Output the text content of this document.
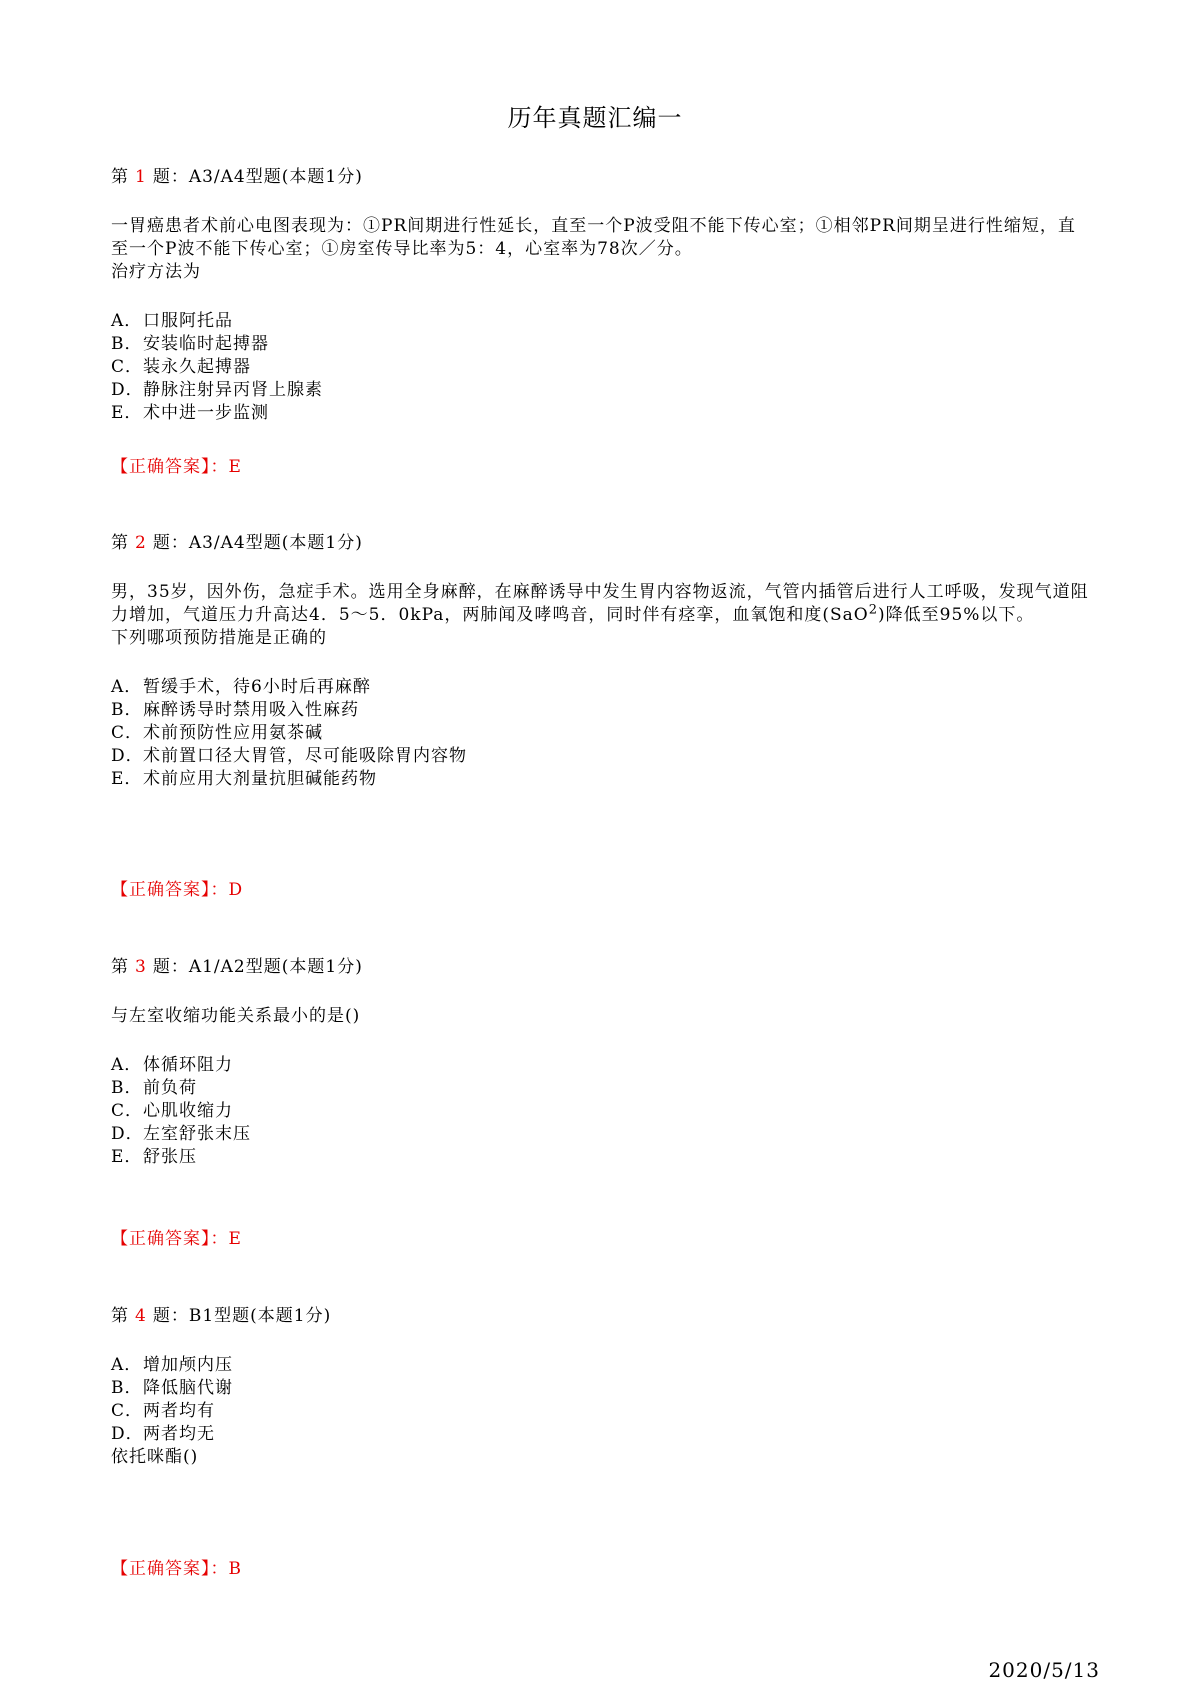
历年真题汇编一
第 1 题：A3/A4型题(本题1分)

一胃癌患者术前心电图表现为：①PR间期进行性延长，直至一个P波受阻不能下传心室；①相邻PR间期呈进行性缩短，直至一个P波不能下传心室；①房室传导比率为5：4，心室率为78次／分。

治疗方法为

A．口服阿托品
B．安装临时起搏器
C．装永久起搏器
D．静脉注射异丙肾上腺素
E．术中进一步监测
【正确答案】：E
第 2 题：A3/A4型题(本题1分)

男，35岁，因外伤，急症手术。选用全身麻醉，在麻醉诱导中发生胃内容物返流，气管内插管后进行人工呼吸，发现气道阻力增加，气道压力升高达4．5～5．0kPa，两肺闻及哮鸣音，同时伴有痉挛，血氧饱和度(SaO$^2$)降低至95%以下。

下列哪项预防措施是正确的

A．暂缓手术，待6小时后再麻醉
B．麻醉诱导时禁用吸入性麻药
C．术前预防性应用氨茶碱
D．术前置口径大胃管，尽可能吸除胃内容物
E．术前应用大剂量抗胆碱能药物
【正确答案】：D
第 3 题：A1/A2型题(本题1分)

与左室收缩功能关系最小的是()

A．体循环阻力
B．前负荷
C．心肌收缩力
D．左室舒张末压
E．舒张压
【正确答案】：E
第 4 题：B1型题(本题1分)
A．增加颅内压
B．降低脑代谢
C．两者均有
D．两者均无
依托咪酯()
【正确答案】：B
2020/5/13
